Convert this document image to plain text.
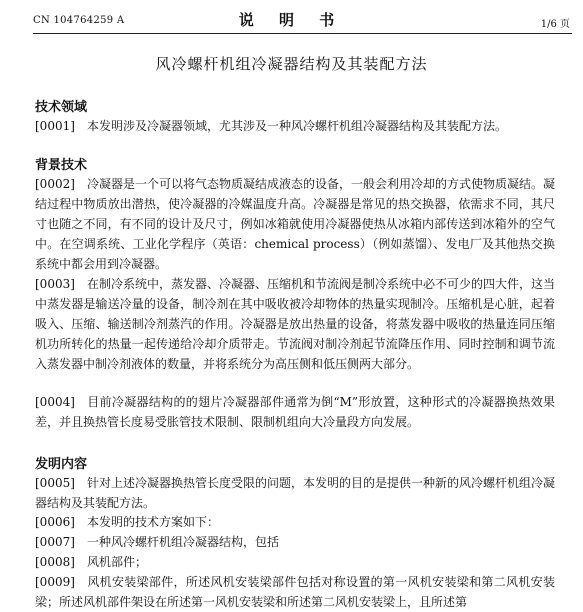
CN 104764259 A	说 明 书	1/6 页
风冷螺杆机组冷凝器结构及其装配方法
技术领域
[0001] 本发明涉及冷凝器领域，尤其涉及一种风冷螺杆机组冷凝器结构及其装配方法。
背景技术
[0002] 冷凝器是一个可以将气态物质凝结成液态的设备，一般会利用冷却的方式使物质凝结。凝结过程中物质放出潜热，使冷凝器的冷媒温度升高。冷凝器是常见的热交换器，依需求不同，其尺寸也随之不同，有不同的设计及尺寸，例如冰箱就使用冷凝器使热从冰箱内部传送到冰箱外的空气中。在空调系统、工业化学程序（英语：chemical process）（例如蒸馏）、发电厂及其他热交换系统中都会用到冷凝器。
[0003] 在制冷系统中，蒸发器、冷凝器、压缩机和节流阀是制冷系统中必不可少的四大件，这当中蒸发器是输送冷量的设备，制冷剂在其中吸收被冷却物体的热量实现制冷。压缩机是心脏，起着吸入、压缩、输送制冷剂蒸汽的作用。冷凝器是放出热量的设备，将蒸发器中吸收的热量连同压缩机功所转化的热量一起传递给冷却介质带走。节流阀对制冷剂起节流降压作用、同时控制和调节流入蒸发器中制冷剂液体的数量，并将系统分为高压侧和低压侧两大部分。
[0004] 目前冷凝器结构的的翅片冷凝器部件通常为倒“M”形放置，这种形式的冷凝器换热效果差，并且换热管长度易受胀管技术限制、限制机组向大冷量段方向发展。
发明内容
[0005] 针对上述冷凝器换热管长度受限的问题，本发明的目的是提供一种新的风冷螺杆机组冷凝器结构及其装配方法。
[0006] 本发明的技术方案如下：
[0007] 一种风冷螺杆机组冷凝器结构，包括
[0008] 风机部件；
[0009] 风机安装梁部件，所述风机安装梁部件包括对称设置的第一风机安装梁和第二风机安装梁；所述风机部件架设在所述第一风机安装梁和所述第二风机安装梁上，且所述第
